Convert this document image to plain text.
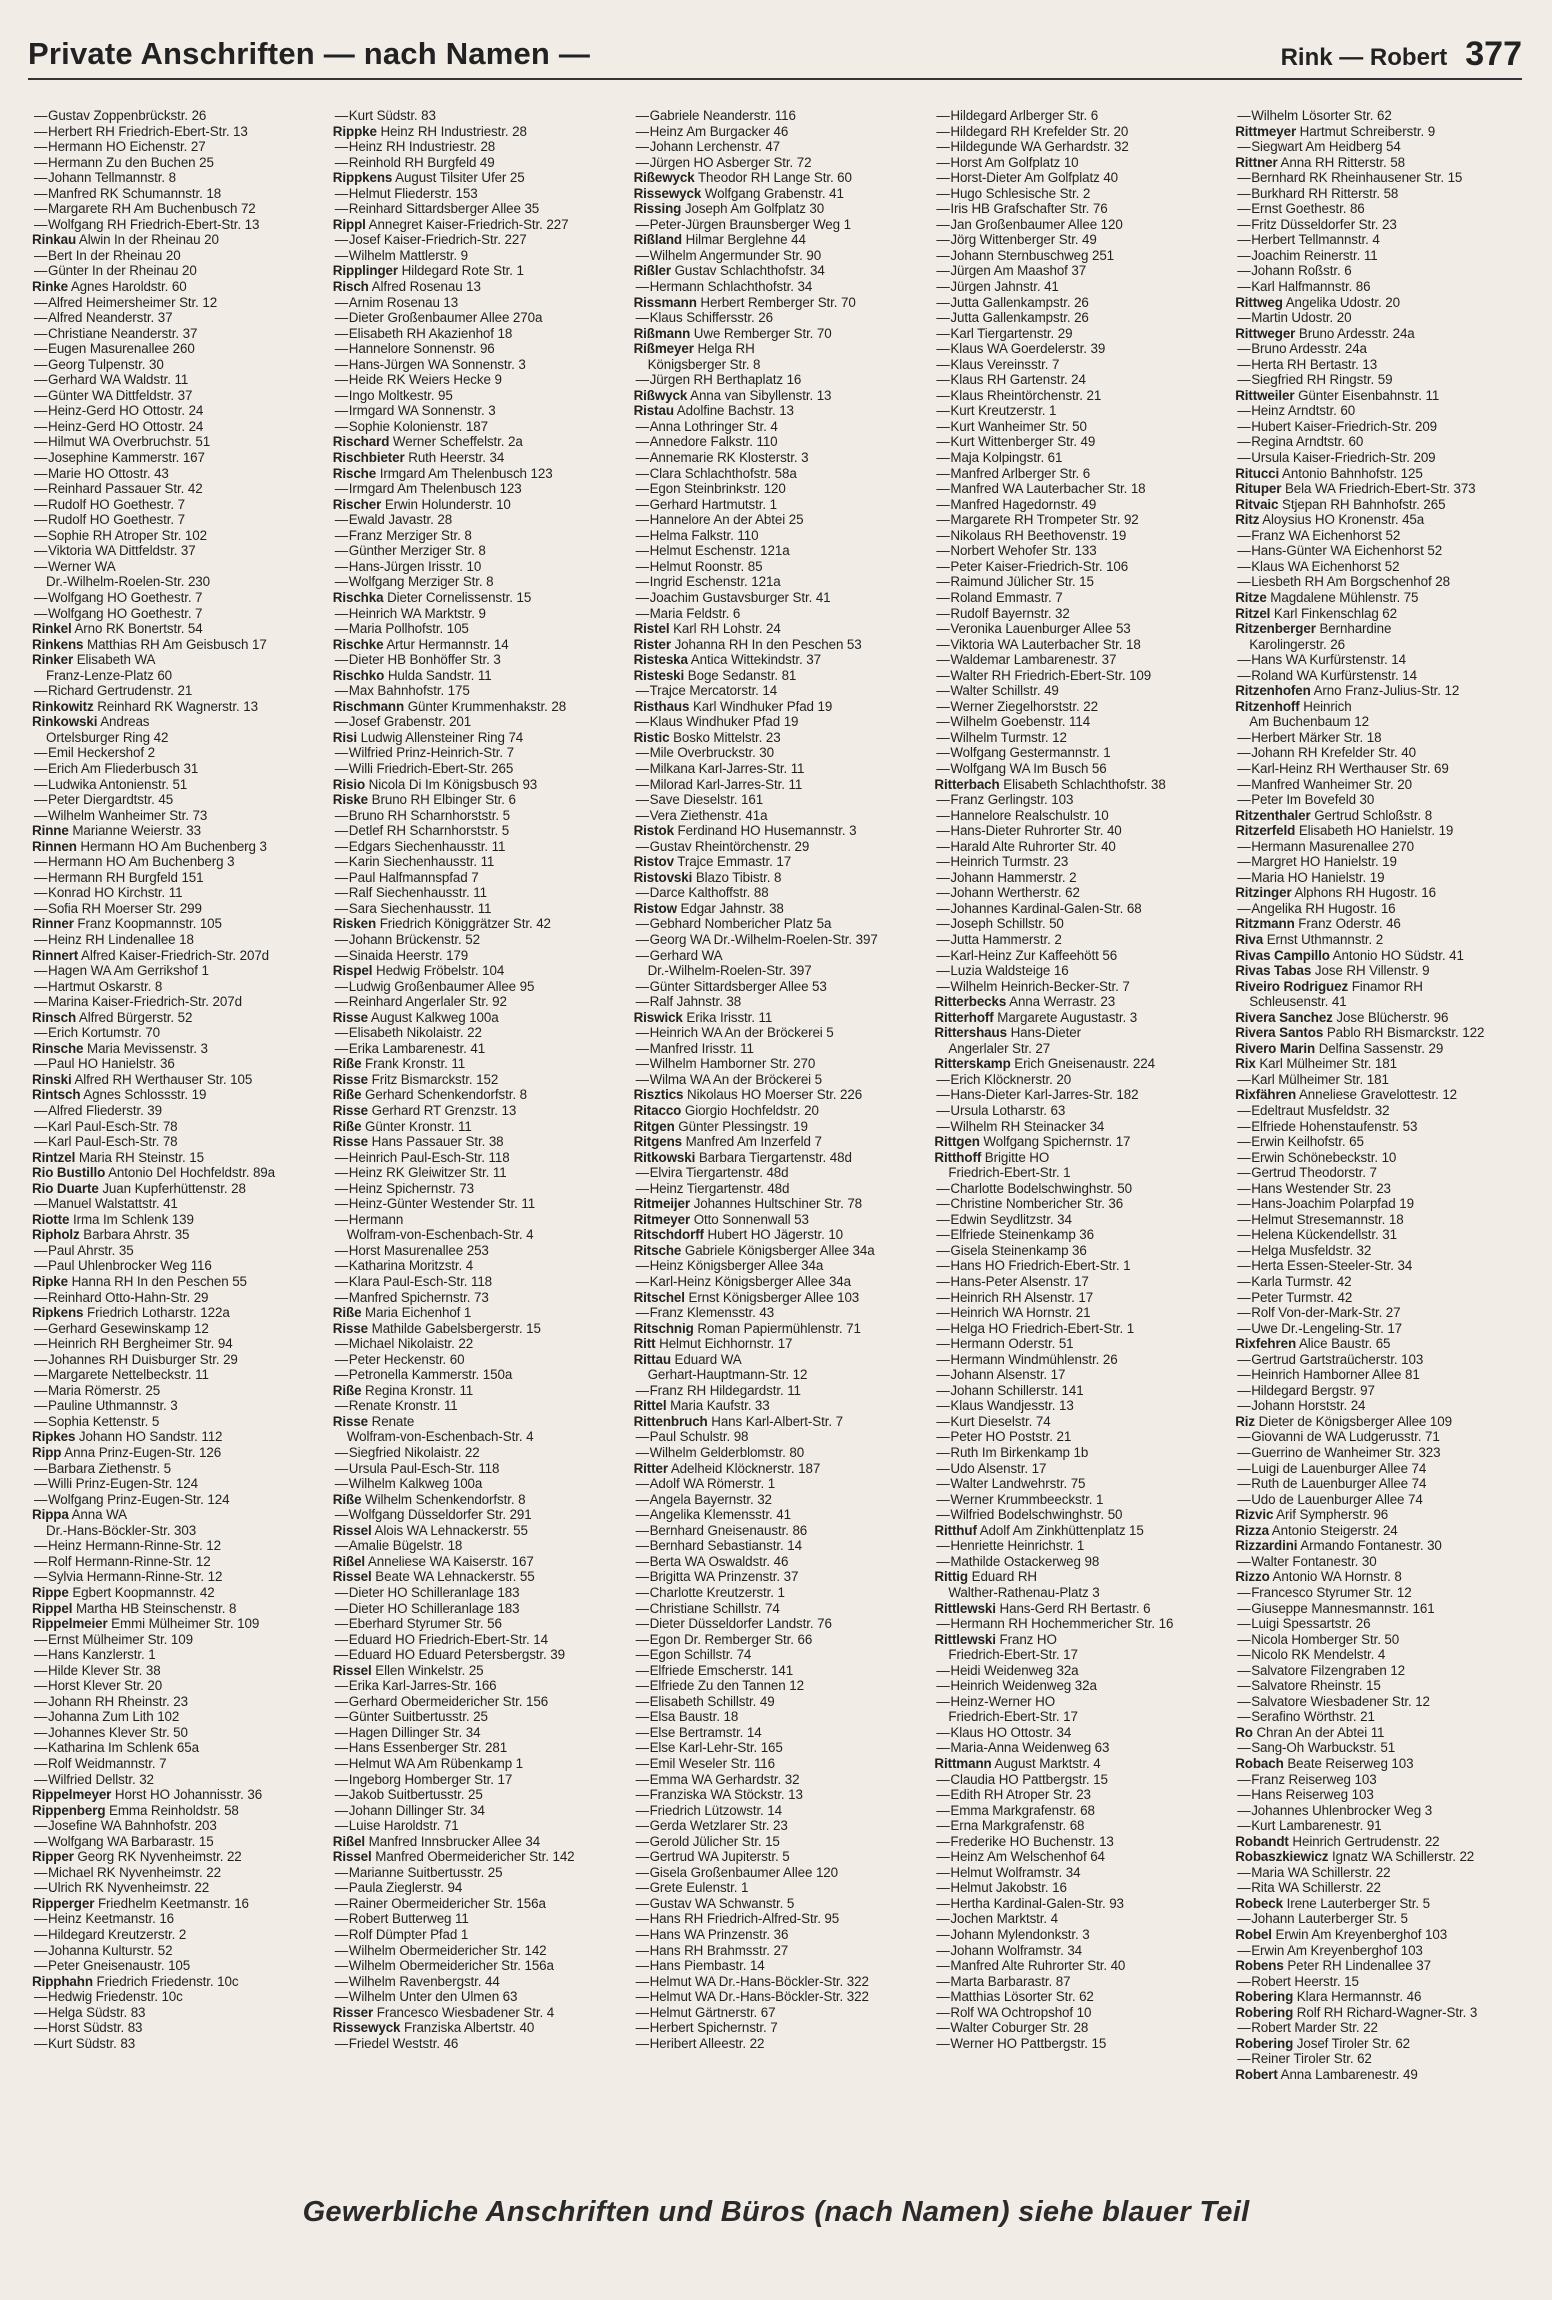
Private Anschriften — nach Namen —	Rink — Robert 377
—Gustav Zoppenbrückstr. 26
—Herbert RH Friedrich-Ebert-Str. 13
—Hermann HO Eichenstr. 27
—Hermann Zu den Buchen 25
—Johann Tellmannstr. 8
—Manfred RK Schumannstr. 18
—Margarete RH Am Buchenbusch 72
—Wolfgang RH Friedrich-Ebert-Str. 13
Rinkau Alwin In der Rheinau 20
—Bert In der Rheinau 20
—Günter In der Rheinau 20
Rinke Agnes Haroldstr. 60
—Alfred Heimersheimer Str. 12
—Alfred Neanderstr. 37
—Christiane Neanderstr. 37
—Eugen Masurenallee 260
—Georg Tulpenstr. 30
—Gerhard WA Waldstr. 11
—Günter WA Dittfeldstr. 37
—Heinz-Gerd HO Ottostr. 24
—Heinz-Gerd HO Ottostr. 24
—Hilmut WA Overbruchstr. 51
—Josephine Kammerstr. 167
—Marie HO Ottostr. 43
—Reinhard Passauer Str. 42
—Rudolf HO Goethestr. 7
—Rudolf HO Goethestr. 7
—Sophie RH Atroper Str. 102
—Viktoria WA Dittfeldstr. 37
—Werner WA
Dr.-Wilhelm-Roelen-Str. 230
—Wolfgang HO Goethestr. 7
—Wolfgang HO Goethestr. 7
Rinkel Arno RK Bonertstr. 54
Rinkens Matthias RH Am Geisbusch 17
Rinker Elisabeth WA
Franz-Lenze-Platz 60
—Richard Gertrudenstr. 21
Rinkowitz Reinhard RK Wagnerstr. 13
Rinkowski Andreas
Ortelsburger Ring 42
—Emil Heckershof 2
—Erich Am Fliederbusch 31
—Ludwika Antonienstr. 51
—Peter Diergardtstr. 45
—Wilhelm Wanheimer Str. 73
Rinne Marianne Weierstr. 33
Rinnen Hermann HO Am Buchenberg 3
—Hermann HO Am Buchenberg 3
—Hermann RH Burgfeld 151
—Konrad HO Kirchstr. 11
—Sofia RH Moerser Str. 299
Rinner Franz Koopmannstr. 105
—Heinz RH Lindenallee 18
Rinnert Alfred Kaiser-Friedrich-Str. 207d
—Hagen WA Am Gerrikshof 1
—Hartmut Oskarstr. 8
—Marina Kaiser-Friedrich-Str. 207d
Rinsch Alfred Bürgerstr. 52
—Erich Kortumstr. 70
Rinsche Maria Mevissenstr. 3
—Paul HO Hanielstr. 36
Rinski Alfred RH Werthauser Str. 105
Rintsch Agnes Schlossstr. 19
—Alfred Fliederstr. 39
—Karl Paul-Esch-Str. 78
—Karl Paul-Esch-Str. 78
Rintzel Maria RH Steinstr. 15
Rio Bustillo Antonio Del Hochfeldstr. 89a
Rio Duarte Juan Kupferhüttenstr. 28
—Manuel Walstattstr. 41
Riotte Irma Im Schlenk 139
Ripholz Barbara Ahrstr. 35
—Paul Ahrstr. 35
—Paul Uhlenbrocker Weg 116
Ripke Hanna RH In den Peschen 55
—Reinhard Otto-Hahn-Str. 29
Ripkens Friedrich Lotharstr. 122a
—Gerhard Gesewinskamp 12
—Heinrich RH Bergheimer Str. 94
—Johannes RH Duisburger Str. 29
—Margarete Nettelbeckstr. 11
—Maria Römerstr. 25
—Pauline Uthmannstr. 3
—Sophia Kettenstr. 5
Ripkes Johann HO Sandstr. 112
Ripp Anna Prinz-Eugen-Str. 126
—Barbara Ziethenstr. 5
—Willi Prinz-Eugen-Str. 124
—Wolfgang Prinz-Eugen-Str. 124
Rippa Anna WA
Dr.-Hans-Böckler-Str. 303
—Heinz Hermann-Rinne-Str. 12
—Rolf Hermann-Rinne-Str. 12
—Sylvia Hermann-Rinne-Str. 12
Rippe Egbert Koopmannstr. 42
Rippel Martha HB Steinschenstr. 8
Rippelmeier Emmi Mülheimer Str. 109
—Ernst Mülheimer Str. 109
—Hans Kanzlerstr. 1
—Hilde Klever Str. 38
—Horst Klever Str. 20
—Johann RH Rheinstr. 23
—Johanna Zum Lith 102
—Johannes Klever Str. 50
—Katharina Im Schlenk 65a
—Rolf Weidmannstr. 7
—Wilfried Dellstr. 32
Rippelmeyer Horst HO Johannisstr. 36
Rippenberg Emma Reinholdstr. 58
—Josefine WA Bahnhofstr. 203
—Wolfgang WA Barbarastr. 15
Ripper Georg RK Nyvenheimstr. 22
—Michael RK Nyvenheimstr. 22
—Ulrich RK Nyvenheimstr. 22
Ripperger Friedhelm Keetmanstr. 16
—Heinz Keetmanstr. 16
—Hildegard Kreutzerstr. 2
—Johanna Kulturstr. 52
—Peter Gneisenaustr. 105
Ripphahn Friedrich Friedenstr. 10c
—Hedwig Friedenstr. 10c
—Helga Südstr. 83
—Horst Südstr. 83
—Kurt Südstr. 83
—Kurt Südstr. 83
Rippke Heinz RH Industriestr. 28
—Heinz RH Industriestr. 28
—Reinhold RH Burgfeld 49
Rippkens August Tilsiter Ufer 25
—Helmut Fliederstr. 153
—Reinhard Sittardsberger Allee 35
Rippl Annegret Kaiser-Friedrich-Str. 227
—Josef Kaiser-Friedrich-Str. 227
—Wilhelm Mattlerstr. 9
Ripplinger Hildegard Rote Str. 1
Risch Alfred Rosenau 13
—Arnim Rosenau 13
—Dieter Großenbaumer Allee 270a
—Elisabeth RH Akazienhof 18
—Hannelore Sonnenstr. 96
—Hans-Jürgen WA Sonnenstr. 3
—Heide RK Weiers Hecke 9
—Ingo Moltkestr. 95
—Irmgard WA Sonnenstr. 3
—Sophie Kolonienstr. 187
Rischard Werner Scheffelstr. 2a
Rischbieter Ruth Heerstr. 34
Rische Irmgard Am Thelenbusch 123
—Irmgard Am Thelenbusch 123
Rischer Erwin Holunderstr. 10
—Ewald Javastr. 28
—Franz Merziger Str. 8
—Günther Merziger Str. 8
—Hans-Jürgen Irisstr. 10
—Wolfgang Merziger Str. 8
Rischka Dieter Cornelissenstr. 15
—Heinrich WA Marktstr. 9
—Maria Pollhofstr. 105
Rischke Artur Hermannstr. 14
—Dieter HB Bonhöffer Str. 3
Rischko Hulda Sandstr. 11
—Max Bahnhofstr. 175
Rischmann Günter Krummenhakstr. 28
—Josef Grabenstr. 201
Risi Ludwig Allensteiner Ring 74
—Wilfried Prinz-Heinrich-Str. 7
—Willi Friedrich-Ebert-Str. 265
Risio Nicola Di Im Königsbusch 93
Riske Bruno RH Elbinger Str. 6
—Bruno RH Scharnhorststr. 5
—Detlef RH Scharnhorststr. 5
—Edgars Siechenhausstr. 11
—Karin Siechenhausstr. 11
—Paul Halfmannspfad 7
—Ralf Siechenhausstr. 11
—Sara Siechenhausstr. 11
Risken Friedrich Königgrätzer Str. 42
—Johann Brückenstr. 52
—Sinaida Heerstr. 179
Rispel Hedwig Fröbelstr. 104
—Ludwig Großenbaumer Allee 95
—Reinhard Angerlaler Str. 92
Risse August Kalkweg 100a
—Elisabeth Nikolaistr. 22
—Erika Lambarenestr. 41
Riße Frank Kronstr. 11
Risse Fritz Bismarckstr. 152
Riße Gerhard Schenkendorfstr. 8
Risse Gerhard RT Grenzstr. 13
Riße Günter Kronstr. 11
Risse Hans Passauer Str. 38
—Heinrich Paul-Esch-Str. 118
—Heinz RK Gleiwitzer Str. 11
—Heinz Spichernstr. 73
—Heinz-Günter Westender Str. 11
—Hermann
Wolfram-von-Eschenbach-Str. 4
—Horst Masurenallee 253
—Katharina Moritzstr. 4
—Klara Paul-Esch-Str. 118
—Manfred Spichernstr. 73
Riße Maria Eichenhof 1
Risse Mathilde Gabelsbergerstr. 15
—Michael Nikolaistr. 22
—Peter Heckenstr. 60
—Petronella Kammerstr. 150a
Riße Regina Kronstr. 11
—Renate Kronstr. 11
Risse Renate
Wolfram-von-Eschenbach-Str. 4
—Siegfried Nikolaistr. 22
—Ursula Paul-Esch-Str. 118
—Wilhelm Kalkweg 100a
Riße Wilhelm Schenkendorfstr. 8
—Wolfgang Düsseldorfer Str. 291
Rissel Alois WA Lehnackerstr. 55
—Amalie Bügelstr. 18
Rißel Anneliese WA Kaiserstr. 167
Rissel Beate WA Lehnackerstr. 55
—Dieter HO Schilleranlage 183
—Dieter HO Schilleranlage 183
—Eberhard Styrumer Str. 56
—Eduard HO Friedrich-Ebert-Str. 14
—Eduard HO Eduard Petersbergstr. 39
Rissel Ellen Winkelstr. 25
—Erika Karl-Jarres-Str. 166
—Gerhard Obermeidericher Str. 156
—Günter Suitbertusstr. 25
—Hagen Dillinger Str. 34
—Hans Essenberger Str. 281
—Helmut WA Am Rübenkamp 1
—Ingeborg Homberger Str. 17
—Jakob Suitbertusstr. 25
—Johann Dillinger Str. 34
—Luise Haroldstr. 71
Rißel Manfred Innsbrucker Allee 34
Rissel Manfred Obermeidericher Str. 142
—Marianne Suitbertusstr. 25
—Paula Zieglerstr. 94
—Rainer Obermeidericher Str. 156a
—Robert Butterweg 11
—Rolf Dümpter Pfad 1
—Wilhelm Obermeidericher Str. 142
—Wilhelm Obermeidericher Str. 156a
—Wilhelm Ravenbergstr. 44
—Wilhelm Unter den Ulmen 63
Risser Francesco Wiesbadener Str. 4
Rissewyck Franziska Albertstr. 40
—Friedel Weststr. 46
—Gabriele Neanderstr. 116
—Heinz Am Burgacker 46
—Johann Lerchenstr. 47
—Jürgen HO Asberger Str. 72
Rißewyck Theodor RH Lange Str. 60
Rissewyck Wolfgang Grabenstr. 41
Rissing Joseph Am Golfplatz 30
—Peter-Jürgen Braunsberger Weg 1
Rißland Hilmar Berglehne 44
—Wilhelm Angermunder Str. 90
Rißler Gustav Schlachthofstr. 34
—Hermann Schlachthofstr. 34
Rissmann Herbert Remberger Str. 70
—Klaus Schiffersstr. 26
Rißmann Uwe Remberger Str. 70
Rißmeyer Helga RH
Königsberger Str. 8
—Jürgen RH Berthaplatz 16
Rißwyck Anna van Sibyllenstr. 13
Ristau Adolfine Bachstr. 13
—Anna Lothringer Str. 4
—Annedore Falkstr. 110
—Annemarie RK Klosterstr. 3
—Clara Schlachthofstr. 58a
—Egon Steinbrinkstr. 120
—Gerhard Hartmutstr. 1
—Hannelore An der Abtei 25
—Helma Falkstr. 110
—Helmut Eschenstr. 121a
—Helmut Roonstr. 85
—Ingrid Eschenstr. 121a
—Joachim Gustavsburger Str. 41
—Maria Feldstr. 6
Ristel Karl RH Lohstr. 24
Rister Johanna RH In den Peschen 53
Risteska Antica Wittekindstr. 37
Risteski Boge Sedanstr. 81
—Trajce Mercatorstr. 14
Risthaus Karl Windhuker Pfad 19
—Klaus Windhuker Pfad 19
Ristic Bosko Mittelstr. 23
—Mile Overbruckstr. 30
—Milkana Karl-Jarres-Str. 11
—Milorad Karl-Jarres-Str. 11
—Save Dieselstr. 161
—Vera Ziethenstr. 41a
Ristok Ferdinand HO Husemannstr. 3
—Gustav Rheintörchenstr. 29
Ristov Trajce Emmastr. 17
Ristovski Blazo Tibistr. 8
—Darce Kalthoffstr. 88
Ristow Edgar Jahnstr. 38
—Gebhard Nombericher Platz 5a
—Georg WA Dr.-Wilhelm-Roelen-Str. 397
—Gerhard WA
Dr.-Wilhelm-Roelen-Str. 397
—Günter Sittardsberger Allee 53
—Ralf Jahnstr. 38
Riswick Erika Irisstr. 11
—Heinrich WA An der Bröckerei 5
—Manfred Irisstr. 11
—Wilhelm Hamborner Str. 270
—Wilma WA An der Bröckerei 5
Risztics Nikolaus HO Moerser Str. 226
Ritacco Giorgio Hochfeldstr. 20
Ritgen Günter Plessingstr. 19
Ritgens Manfred Am Inzerfeld 7
Ritkowski Barbara Tiergartenstr. 48d
—Elvira Tiergartenstr. 48d
—Heinz Tiergartenstr. 48d
Ritmeijer Johannes Hultschiner Str. 78
Ritmeyer Otto Sonnenwall 53
Ritschdorff Hubert HO Jägerstr. 10
Ritsche Gabriele Königsberger Allee 34a
—Heinz Königsberger Allee 34a
—Karl-Heinz Königsberger Allee 34a
Ritschel Ernst Königsberger Allee 103
—Franz Klemensstr. 43
Ritschnig Roman Papiermühlenstr. 71
Ritt Helmut Eichhornstr. 17
Rittau Eduard WA
Gerhart-Hauptmann-Str. 12
—Franz RH Hildegardstr. 11
Rittel Maria Kaufstr. 33
Rittenbruch Hans Karl-Albert-Str. 7
—Paul Schulstr. 98
—Wilhelm Gelderblomstr. 80
Ritter Adelheid Klöcknerstr. 187
—Adolf WA Römerstr. 1
—Angela Bayernstr. 32
—Angelika Klemensstr. 41
—Bernhard Gneisenaustr. 86
—Bernhard Sebastianstr. 14
—Berta WA Oswaldstr. 46
—Brigitta WA Prinzenstr. 37
—Charlotte Kreutzerstr. 1
—Christiane Schillstr. 74
—Dieter Düsseldorfer Landstr. 76
—Egon Dr. Remberger Str. 66
—Egon Schillstr. 74
—Elfriede Emscherstr. 141
—Elfriede Zu den Tannen 12
—Elisabeth Schillstr. 49
—Elsa Baustr. 18
—Else Bertramstr. 14
—Else Karl-Lehr-Str. 165
—Emil Weseler Str. 116
—Emma WA Gerhardstr. 32
—Franziska WA Stöckstr. 13
—Friedrich Lützowstr. 14
—Gerda Wetzlarer Str. 23
—Gerold Jülicher Str. 15
—Gertrud WA Jupiterstr. 5
—Gisela Großenbaumer Allee 120
—Grete Eulenstr. 1
—Gustav WA Schwanstr. 5
—Hans RH Friedrich-Alfred-Str. 95
—Hans WA Prinzenstr. 36
—Hans RH Brahmsstr. 27
—Hans Piembastr. 14
—Helmut WA Dr.-Hans-Böckler-Str. 322
—Helmut WA Dr.-Hans-Böckler-Str. 322
—Helmut Gärtnerstr. 67
—Herbert Spichernstr. 7
—Heribert Alleestr. 22
—Hildegard Arlberger Str. 6
—Hildegard RH Krefelder Str. 20
—Hildegunde WA Gerhardstr. 32
—Horst Am Golfplatz 10
—Horst-Dieter Am Golfplatz 40
—Hugo Schlesische Str. 2
—Iris HB Grafschafter Str. 76
—Jan Großenbaumer Allee 120
—Jörg Wittenberger Str. 49
—Johann Sternbuschweg 251
—Jürgen Am Maashof 37
—Jürgen Jahnstr. 41
—Jutta Gallenkampstr. 26
—Jutta Gallenkampstr. 26
—Karl Tiergartenstr. 29
—Klaus WA Goerdelerstr. 39
—Klaus Vereinsstr. 7
—Klaus RH Gartenstr. 24
—Klaus Rheintörchenstr. 21
—Kurt Kreutzerstr. 1
—Kurt Wanheimer Str. 50
—Kurt Wittenberger Str. 49
—Maja Kolpingstr. 61
—Manfred Arlberger Str. 6
—Manfred WA Lauterbacher Str. 18
—Manfred Hagedornstr. 49
—Margarete RH Trompeter Str. 92
—Nikolaus RH Beethovenstr. 19
—Norbert Wehofer Str. 133
—Peter Kaiser-Friedrich-Str. 106
—Raimund Jülicher Str. 15
—Roland Emmastr. 7
—Rudolf Bayernstr. 32
—Veronika Lauenburger Allee 53
—Viktoria WA Lauterbacher Str. 18
—Waldemar Lambarenestr. 37
—Walter RH Friedrich-Ebert-Str. 109
—Walter Schillstr. 49
—Werner Ziegelhorststr. 22
—Wilhelm Goebenstr. 114
—Wilhelm Turmstr. 12
—Wolfgang Gestermannstr. 1
—Wolfgang WA Im Busch 56
Ritterbach Elisabeth Schlachthofstr. 38
—Franz Gerlingstr. 103
—Hannelore Realschulstr. 10
—Hans-Dieter Ruhrorter Str. 40
—Harald Alte Ruhrorter Str. 40
—Heinrich Turmstr. 23
—Johann Hammerstr. 2
—Johann Wertherstr. 62
—Johannes Kardinal-Galen-Str. 68
—Joseph Schillstr. 50
—Jutta Hammerstr. 2
—Karl-Heinz Zur Kaffeehött 56
—Luzia Waldsteige 16
—Wilhelm Heinrich-Becker-Str. 7
Ritterbecks Anna Werrastr. 23
Ritterhoff Margarete Augustastr. 3
Rittershaus Hans-Dieter
Angerlaler Str. 27
Ritterskamp Erich Gneisenaustr. 224
—Erich Klöcknerstr. 20
—Hans-Dieter Karl-Jarres-Str. 182
—Ursula Lotharstr. 63
—Wilhelm RH Steinacker 34
Rittgen Wolfgang Spichernstr. 17
Ritthoff Brigitte HO
Friedrich-Ebert-Str. 1
—Charlotte Bodelschwinghstr. 50
—Christine Nombericher Str. 36
—Edwin Seydlitzstr. 34
—Elfriede Steinenkamp 36
—Gisela Steinenkamp 36
—Hans HO Friedrich-Ebert-Str. 1
—Hans-Peter Alsenstr. 17
—Heinrich RH Alsenstr. 17
—Heinrich WA Hornstr. 21
—Helga HO Friedrich-Ebert-Str. 1
—Hermann Oderstr. 51
—Hermann Windmühlenstr. 26
—Johann Alsenstr. 17
—Johann Schillerstr. 141
—Klaus Wandjesstr. 13
—Kurt Dieselstr. 74
—Peter HO Poststr. 21
—Ruth Im Birkenkamp 1b
—Udo Alsenstr. 17
—Walter Landwehrstr. 75
—Werner Krummbeeckstr. 1
—Wilfried Bodelschwinghstr. 50
Ritthuf Adolf Am Zinkhüttenplatz 15
—Henriette Heinrichstr. 1
—Mathilde Ostackerweg 98
Rittig Eduard RH
Walther-Rathenau-Platz 3
Rittlewski Hans-Gerd RH Bertastr. 6
—Hermann RH Hochemmericher Str. 16
Rittlewski Franz HO
Friedrich-Ebert-Str. 17
—Heidi Weidenweg 32a
—Heinrich Weidenweg 32a
—Heinz-Werner HO
Friedrich-Ebert-Str. 17
—Klaus HO Ottostr. 34
—Maria-Anna Weidenweg 63
Rittmann August Marktstr. 4
—Claudia HO Pattbergstr. 15
—Edith RH Atroper Str. 23
—Emma Markgrafenstr. 68
—Erna Markgrafenstr. 68
—Frederike HO Buchenstr. 13
—Heinz Am Welschenhof 64
—Helmut Wolframstr. 34
—Helmut Jakobstr. 16
—Hertha Kardinal-Galen-Str. 93
—Jochen Marktstr. 4
—Johann Mylendonkstr. 3
—Johann Wolframstr. 34
—Manfred Alte Ruhrorter Str. 40
—Marta Barbarastr. 87
—Matthias Lösorter Str. 62
—Rolf WA Ochtropshof 10
—Walter Coburger Str. 28
—Werner HO Pattbergstr. 15
—Wilhelm Lösorter Str. 62
Rittmeyer Hartmut Schreiberstr. 9
—Siegwart Am Heidberg 54
Rittner Anna RH Ritterstr. 58
—Bernhard RK Rheinhausener Str. 15
—Burkhard RH Ritterstr. 58
—Ernst Goethestr. 86
—Fritz Düsseldorfer Str. 23
—Herbert Tellmannstr. 4
—Joachim Reinerstr. 11
—Johann Roßstr. 6
—Karl Halfmannstr. 86
Rittweg Angelika Udostr. 20
—Martin Udostr. 20
Rittweger Bruno Ardesstr. 24a
—Bruno Ardesstr. 24a
—Herta RH Bertastr. 13
—Siegfried RH Ringstr. 59
Rittweiler Günter Eisenbahnstr. 11
—Heinz Arndtstr. 60
—Hubert Kaiser-Friedrich-Str. 209
—Regina Arndtstr. 60
—Ursula Kaiser-Friedrich-Str. 209
Ritucci Antonio Bahnhofstr. 125
Rituper Bela WA Friedrich-Ebert-Str. 373
Ritvaic Stjepan RH Bahnhofstr. 265
Ritz Aloysius HO Kronenstr. 45a
—Franz WA Eichenhorst 52
—Hans-Günter WA Eichenhorst 52
—Klaus WA Eichenhorst 52
—Liesbeth RH Am Borgschenhof 28
Ritze Magdalene Mühlenstr. 75
Ritzel Karl Finkenschlag 62
Ritzenberger Bernhardine
Karolingerstr. 26
—Hans WA Kurfürstenstr. 14
—Roland WA Kurfürstenstr. 14
Ritzenhofen Arno Franz-Julius-Str. 12
Ritzenhoff Heinrich
Am Buchenbaum 12
—Herbert Märker Str. 18
—Johann RH Krefelder Str. 40
—Karl-Heinz RH Werthauser Str. 69
—Manfred Wanheimer Str. 20
—Peter Im Bovefeld 30
Ritzenthaler Gertrud Schloßstr. 8
Ritzerfeld Elisabeth HO Hanielstr. 19
—Hermann Masurenallee 270
—Margret HO Hanielstr. 19
—Maria HO Hanielstr. 19
Ritzinger Alphons RH Hugostr. 16
—Angelika RH Hugostr. 16
Ritzmann Franz Oderstr. 46
Riva Ernst Uthmannstr. 2
Rivas Campillo Antonio HO Südstr. 41
Rivas Tabas Jose RH Villenstr. 9
Riveiro Rodriguez Finamor RH
Schleusenstr. 41
Rivera Sanchez Jose Blücherstr. 96
Rivera Santos Pablo RH Bismarckstr. 122
Rivero Marin Delfina Sassenstr. 29
Rix Karl Mülheimer Str. 181
—Karl Mülheimer Str. 181
Rixfähren Anneliese Gravelottestr. 12
—Edeltraut Musfeldstr. 32
—Elfriede Hohenstaufenstr. 53
—Erwin Keilhofstr. 65
—Erwin Schönebeckstr. 10
—Gertrud Theodorstr. 7
—Hans Westender Str. 23
—Hans-Joachim Polarpfad 19
—Helmut Stresemannstr. 18
—Helena Kückendellstr. 31
—Helga Musfeldstr. 32
—Herta Essen-Steeler-Str. 34
—Karla Turmstr. 42
—Peter Turmstr. 42
—Rolf Von-der-Mark-Str. 27
—Uwe Dr.-Lengeling-Str. 17
Rixfehren Alice Baustr. 65
—Gertrud Gartstraücherstr. 103
—Heinrich Hamborner Allee 81
—Hildegard Bergstr. 97
—Johann Horststr. 24
Riz Dieter de Königsberger Allee 109
—Giovanni de WA Ludgerusstr. 71
—Guerrino de Wanheimer Str. 323
—Luigi de Lauenburger Allee 74
—Ruth de Lauenburger Allee 74
—Udo de Lauenburger Allee 74
Rizvic Arif Sympherstr. 96
Rizza Antonio Steigerstr. 24
Rizzardini Armando Fontanestr. 30
—Walter Fontanestr. 30
Rizzo Antonio WA Hornstr. 8
—Francesco Styrumer Str. 12
—Giuseppe Mannesmannstr. 161
—Luigi Spessartstr. 26
—Nicola Homberger Str. 50
—Nicolo RK Mendelstr. 4
—Salvatore Filzengraben 12
—Salvatore Rheinstr. 15
—Salvatore Wiesbadener Str. 12
—Serafino Wörthstr. 21
Ro Chran An der Abtei 11
—Sang-Oh Warbuckstr. 51
Robach Beate Reiserweg 103
—Franz Reiserweg 103
—Hans Reiserweg 103
—Johannes Uhlenbrocker Weg 3
—Kurt Lambarenestr. 91
Robandt Heinrich Gertrudenstr. 22
Robaszkiewicz Ignatz WA Schillerstr. 22
—Maria WA Schillerstr. 22
—Rita WA Schillerstr. 22
Robeck Irene Lauterberger Str. 5
—Johann Lauterberger Str. 5
Robel Erwin Am Kreyenberghof 103
—Erwin Am Kreyenberghof 103
Robens Peter RH Lindenallee 37
—Robert Heerstr. 15
Robering Klara Hermannstr. 46
Robering Rolf RH Richard-Wagner-Str. 3
—Robert Marder Str. 22
Robering Josef Tiroler Str. 62
—Reiner Tiroler Str. 62
Robert Anna Lambarenestr. 49
Gewerbliche Anschriften und Büros (nach Namen) siehe blauer Teil
